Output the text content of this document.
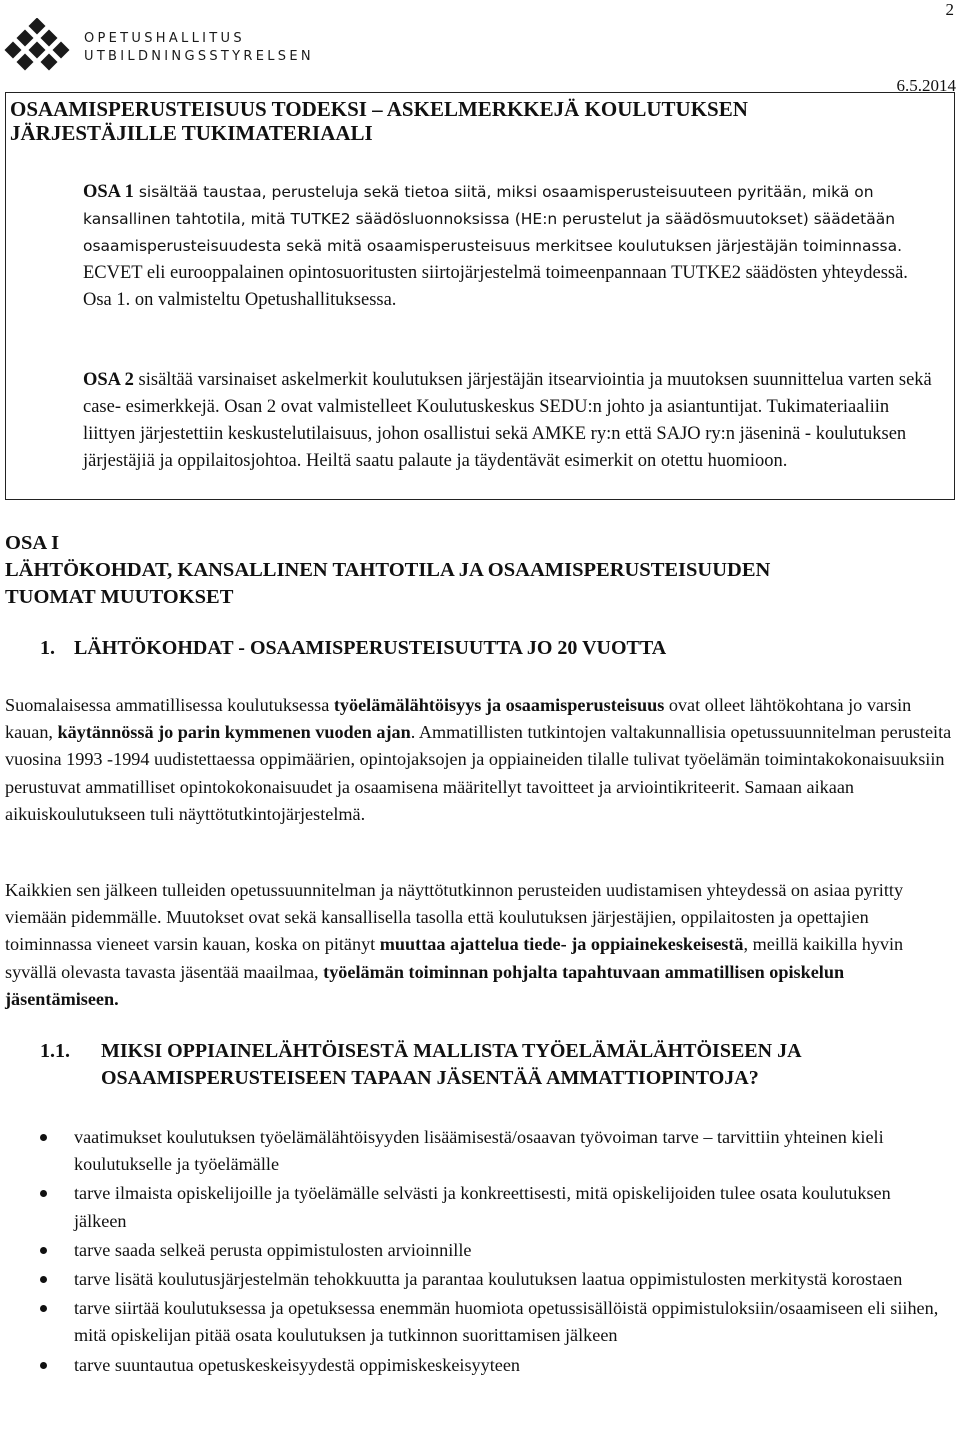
2
OPETUSHALLITUS
UTBILDNINGSSTYRELSEN
6.5.2014
OSAAMISPERUSTEISUUS TODEKSI – ASKELMERKKEJÄ KOULUTUKSEN
JÄRJESTÄJILLE TUKIMATERIAALI
OSA 1 sisältää taustaa, perusteluja sekä tietoa siitä, miksi osaamisperusteisuuteen pyritään, mikä on kansallinen tahtotila, mitä TUTKE2 säädösluonnoksissa (HE:n perustelut ja säädösmuutokset) säädetään osaamisperusteisuudesta sekä mitä osaamisperusteisuus merkitsee koulutuksen järjestäjän toiminnassa. ECVET eli eurooppalainen opintosuoritusten siirtojärjestelmä toimeenpannaan TUTKE2 säädösten yhteydessä.
Osa 1. on valmisteltu Opetushallituksessa.
OSA 2 sisältää varsinaiset askelmerkit koulutuksen järjestäjän itsearviointia ja muutoksen suunnittelua varten sekä case- esimerkkejä. Osan 2 ovat valmistelleet Koulutuskeskus SEDU:n johto ja asiantuntijat. Tukimateriaaliin liittyen järjestettiin keskustelutilaisuus, johon osallistui sekä AMKE ry:n että SAJO ry:n jäseninä - koulutuksen järjestäjiä ja oppilaitosjohtoa. Heiltä saatu palaute ja täydentävät esimerkit on otettu huomioon.
OSA I
LÄHTÖKOHDAT, KANSALLINEN TAHTOTILA JA OSAAMISPERUSTEISUUDEN
TUOMAT MUUTOKSET
1. LÄHTÖKOHDAT - OSAAMISPERUSTEISUUTTA JO 20 VUOTTA
Suomalaisessa ammatillisessa koulutuksessa työelämälähtöisyys ja osaamisperusteisuus ovat olleet lähtökohtana jo varsin kauan, käytännössä jo parin kymmenen vuoden ajan. Ammatillisten tutkintojen valtakunnallisia opetussuunnitelman perusteita vuosina 1993 -1994 uudistettaessa oppimäärien, opintojaksojen ja oppiaineiden tilalle tulivat työelämän toimintakokonaisuuksiin perustuvat ammatilliset opintokokonaisuudet ja osaamisena määritellyt tavoitteet ja arviointikriteerit. Samaan aikaan aikuiskoulutukseen tuli näyttötutkintojärjestelmä.
Kaikkien sen jälkeen tulleiden opetussuunnitelman ja näyttötutkinnon perusteiden uudistamisen yhteydessä on asiaa pyritty viemään pidemmälle. Muutokset ovat sekä kansallisella tasolla että koulutuksen järjestäjien, oppilaitosten ja opettajien toiminnassa vieneet varsin kauan, koska on pitänyt muuttaa ajattelua tiede- ja oppiainekeskeisestä, meillä kaikilla hyvin syvällä olevasta tavasta jäsentää maailmaa, työelämän toiminnan pohjalta tapahtuvaan ammatillisen opiskelun jäsentämiseen.
1.1. MIKSI OPPIAINELÄHTÖISESTÄ MALLISTA TYÖELÄMÄLÄHTÖISEEN JA OSAAMISPERUSTEISEEN TAPAAN JÄSENTÄÄ AMMATTIOPINTOJA?
vaatimukset koulutuksen työelämälähtöisyyden lisäämisestä/osaavan työvoiman tarve – tarvittiin yhteinen kieli koulutukselle ja työelämälle
tarve ilmaista opiskelijoille ja työelämälle selvästi ja konkreettisesti, mitä opiskelijoiden tulee osata koulutuksen jälkeen
tarve saada selkeä perusta oppimistulosten arvioinnille
tarve lisätä koulutusjärjestelmän tehokkuutta ja parantaa koulutuksen laatua oppimistulosten merkitystä korostaen
tarve siirtää koulutuksessa ja opetuksessa enemmän huomiota opetussisällöistä oppimistuloksiin/osaamiseen eli siihen, mitä opiskelijan pitää osata koulutuksen ja tutkinnon suorittamisen jälkeen
tarve suuntautua opetuskeskeisyydestä oppimiskeskeisyyteen
